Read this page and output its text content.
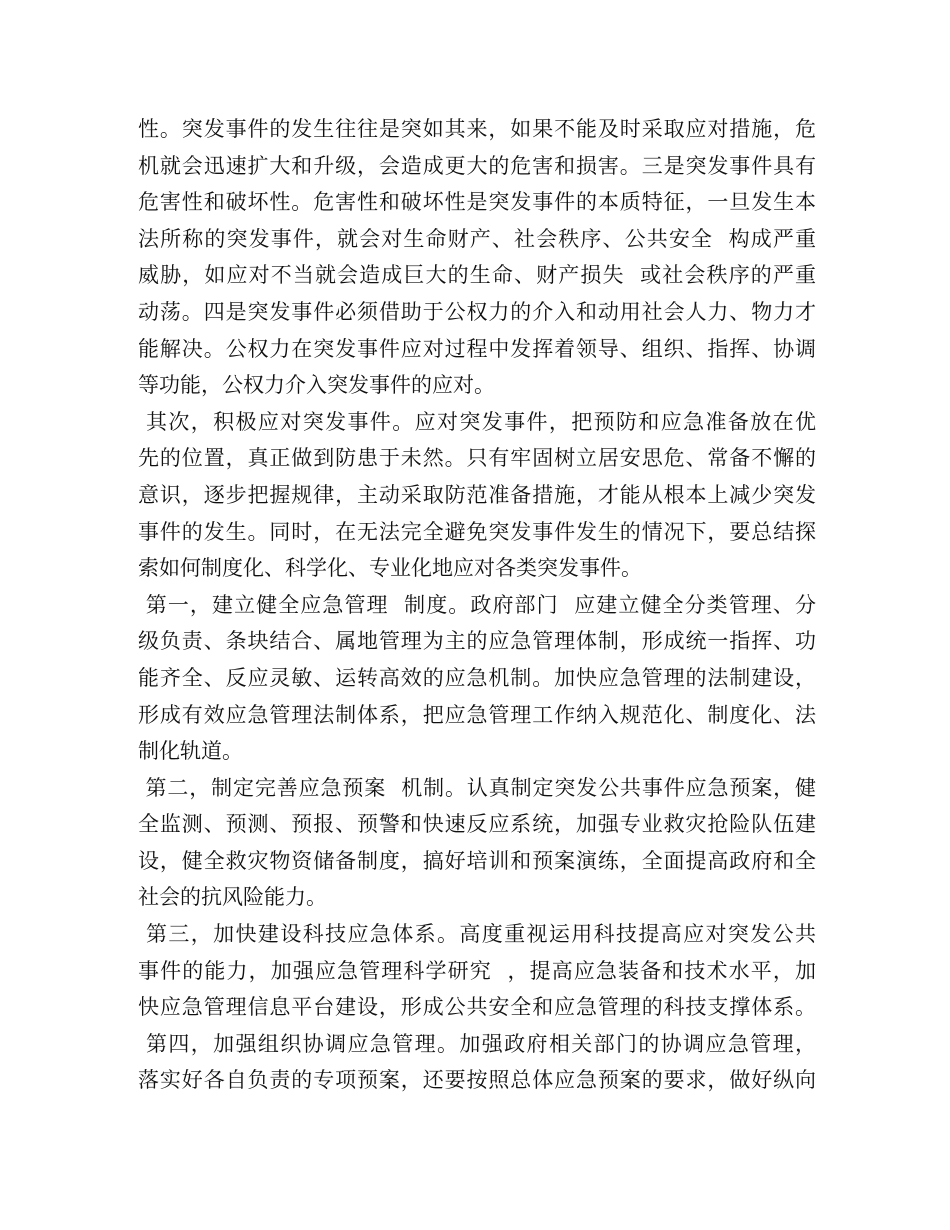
性。突发事件的发生往往是突如其来，如果不能及时采取应对措施，危
机就会迅速扩大和升级，会造成更大的危害和损害。三是突发事件具有
危害性和破坏性。危害性和破坏性是突发事件的本质特征，一旦发生本
法所称的突发事件，就会对生命财产、社会秩序、公共安全  构成严重
威胁，如应对不当就会造成巨大的生命、财产损失  或社会秩序的严重
动荡。四是突发事件必须借助于公权力的介入和动用社会人力、物力才
能解决。公权力在突发事件应对过程中发挥着领导、组织、指挥、协调
等功能，公权力介入突发事件的应对。
其次，积极应对突发事件。应对突发事件，把预防和应急准备放在优
先的位置，真正做到防患于未然。只有牢固树立居安思危、常备不懈的
意识，逐步把握规律，主动采取防范准备措施，才能从根本上减少突发
事件的发生。同时，在无法完全避免突发事件发生的情况下，要总结探
索如何制度化、科学化、专业化地应对各类突发事件。
第一，建立健全应急管理  制度。政府部门  应建立健全分类管理、分
级负责、条块结合、属地管理为主的应急管理体制，形成统一指挥、功
能齐全、反应灵敏、运转高效的应急机制。加快应急管理的法制建设，
形成有效应急管理法制体系，把应急管理工作纳入规范化、制度化、法
制化轨道。
第二，制定完善应急预案  机制。认真制定突发公共事件应急预案，健
全监测、预测、预报、预警和快速反应系统，加强专业救灾抢险队伍建
设，健全救灾物资储备制度，搞好培训和预案演练，全面提高政府和全
社会的抗风险能力。
第三，加快建设科技应急体系。高度重视运用科技提高应对突发公共
事件的能力，加强应急管理科学研究  ，提高应急装备和技术水平，加
快应急管理信息平台建设，形成公共安全和应急管理的科技支撑体系。
第四，加强组织协调应急管理。加强政府相关部门的协调应急管理，
落实好各自负责的专项预案，还要按照总体应急预案的要求，做好纵向
